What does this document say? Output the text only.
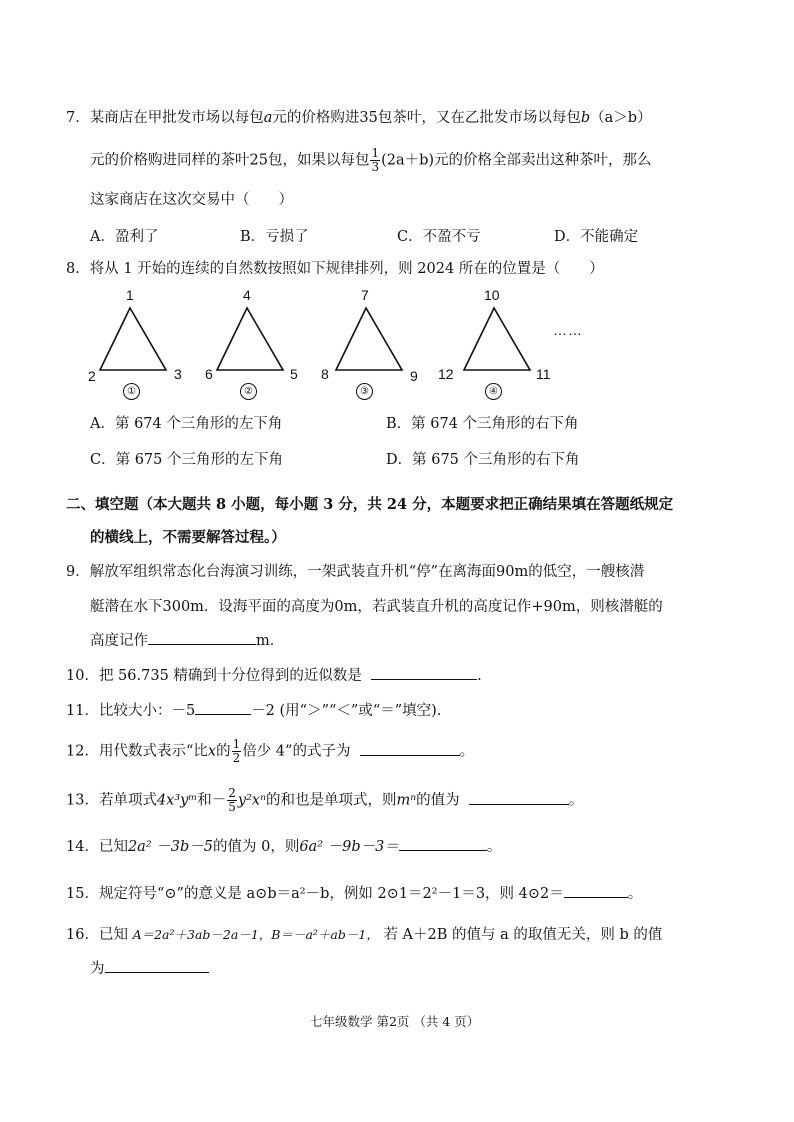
7．某商店在甲批发市场以每包a元的价格购进35包茶叶，又在乙批发市场以每包b（a＞b）
元的价格购进同样的茶叶25包，如果以每包 $\frac{1}{3} (2a+b)$元的价格全部卖出这种茶叶，那么
这家商店在这次交易中（　　）
A．盈利了	B．亏损了	C．不盈不亏	D．不能确定
8．将从 1 开始的连续的自然数按照如下规律排列，则 2024 所在的位置是（　　）
1
2	3
①
4
6	5
②
7
8	9
③
10
12	11
④
……
A．第 674 个三角形的左下角	B．第 674 个三角形的右下角
C．第 675 个三角形的左下角	D．第 675 个三角形的右下角
二、填空题（本大题共 8 小题，每小题 3 分，共 24 分，本题要求把正确结果填在答题纸规定
的横线上，不需要解答过程。）
9．解放军组织常态化台海演习训练，一架武装直升机“停”在离海面90m的低空，一艘核潜
艇潜在水下300m．设海平面的高度为0m，若武装直升机的高度记作+90m，则核潜艇的
高度记作	m．
10．把 56.735 精确到十分位得到的近似数是	.
11．比较大小：－5	－2 (用“＞”“＜”或“＝”填空).
12．用代数式表示“比x的 $\frac{1}{2}$ 倍少 4”的式子为	。
13．若单项式4x³yᵐ和－ $\frac{2}{5} y^2x^n$的和也是单项式，则mⁿ的值为	。
14．已知2a² －3b－5的值为 0，则6a² －9b－3＝	。
15．规定符号“⊙”的意义是 a⊙b＝a²－b，例如 2⊙1＝2²－1＝3，则 4⊙2＝	。
16．已知 A＝2a²＋3ab－2a－1，B＝－a²＋ab－1， 若 A＋2B 的值与 a 的取值无关，则 b 的值
为
七年级数学 第2页 （共 4 页）
